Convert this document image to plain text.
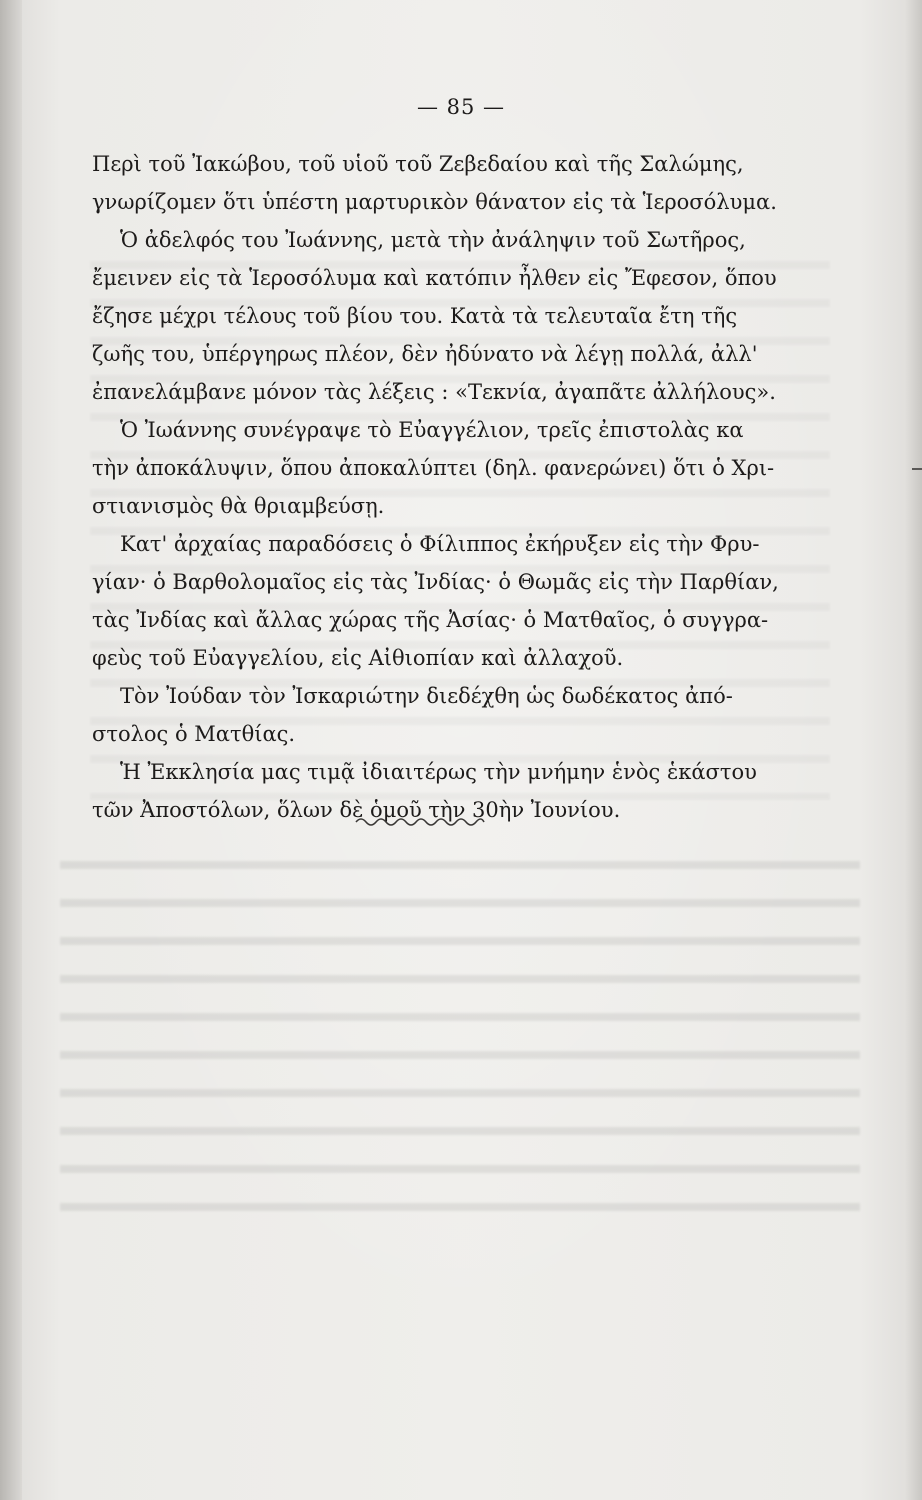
— 85 —
Περὶ τοῦ Ἰακώβου, τοῦ υἱοῦ τοῦ Ζεβεδαίου καὶ τῆς Σαλώμης,
γνωρίζομεν ὅτι ὑπέστη μαρτυρικὸν θάνατον εἰς τὰ Ἱεροσόλυμα.
Ὁ ἀδελφός του Ἰωάννης, μετὰ τὴν ἀνάληψιν τοῦ Σωτῆρος,
ἔμεινεν εἰς τὰ Ἱεροσόλυμα καὶ κατόπιν ἦλθεν εἰς Ἔφεσον, ὅπου
ἔζησε μέχρι τέλους τοῦ βίου του. Κατὰ τὰ τελευταῖα ἔτη τῆς
ζωῆς του, ὑπέργηρως πλέον, δὲν ἠδύνατο νὰ λέγῃ πολλά, ἀλλ'
ἐπανελάμβανε μόνον τὰς λέξεις : «Τεκνία, ἀγαπᾶτε ἀλλήλους».
Ὁ Ἰωάννης συνέγραψε τὸ Εὐαγγέλιον, τρεῖς ἐπιστολὰς κα
τὴν ἀποκάλυψιν, ὅπου ἀποκαλύπτει (δηλ. φανερώνει) ὅτι ὁ Χρι-
στιανισμὸς θὰ θριαμβεύσῃ.
Κατ' ἀρχαίας παραδόσεις ὁ Φίλιππος ἐκήρυξεν εἰς τὴν Φρυ-
γίαν· ὁ Βαρθολομαῖος εἰς τὰς Ἰνδίας· ὁ Θωμᾶς εἰς τὴν Παρθίαν,
τὰς Ἰνδίας καὶ ἄλλας χώρας τῆς Ἀσίας· ὁ Ματθαῖος, ὁ συγγρα-
φεὺς τοῦ Εὐαγγελίου, εἰς Αἰθιοπίαν καὶ ἀλλαχοῦ.
Τὸν Ἰούδαν τὸν Ἰσκαριώτην διεδέχθη ὡς δωδέκατος ἀπό-
στολος ὁ Ματθίας.
Ἡ Ἐκκλησία μας τιμᾷ ἰδιαιτέρως τὴν μνήμην ἑνὸς ἑκάστου
τῶν Ἀποστόλων, ὅλων δὲ ὁμοῦ τὴν 30ὴν Ἰουνίου.
